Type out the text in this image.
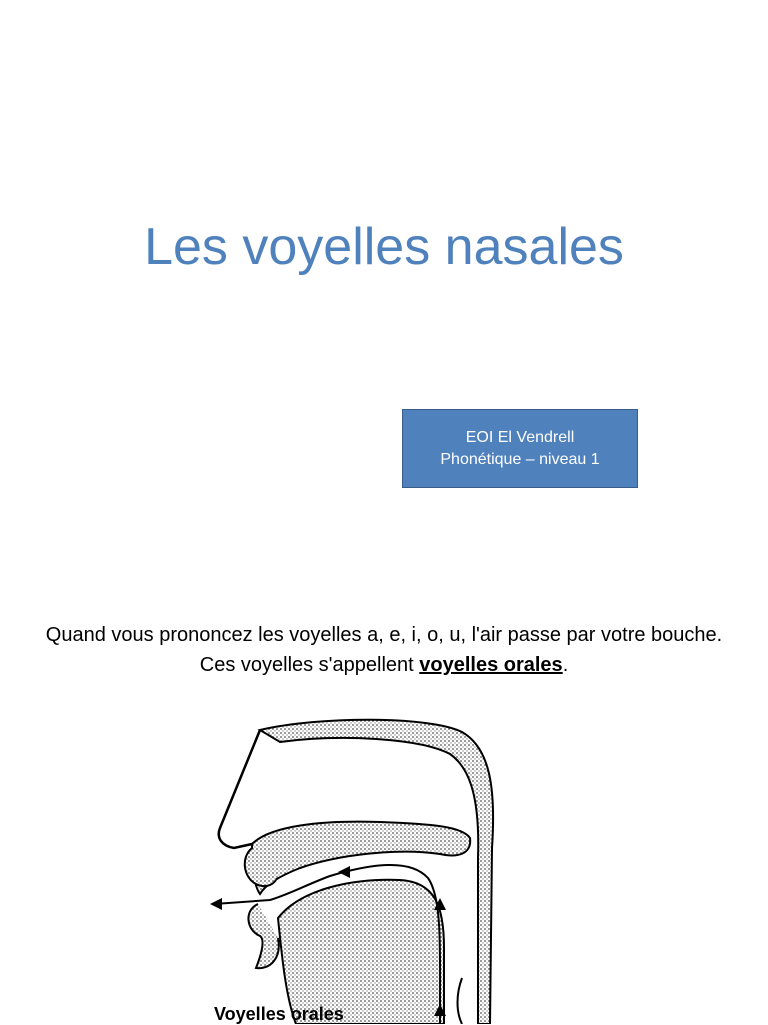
Les voyelles nasales
EOI El Vendrell
Phonétique – niveau 1

Quand vous prononcez les voyelles a, e, i, o, u, l'air passe par votre bouche. Ces voyelles s'appellent voyelles orales.

Voyelles orales
